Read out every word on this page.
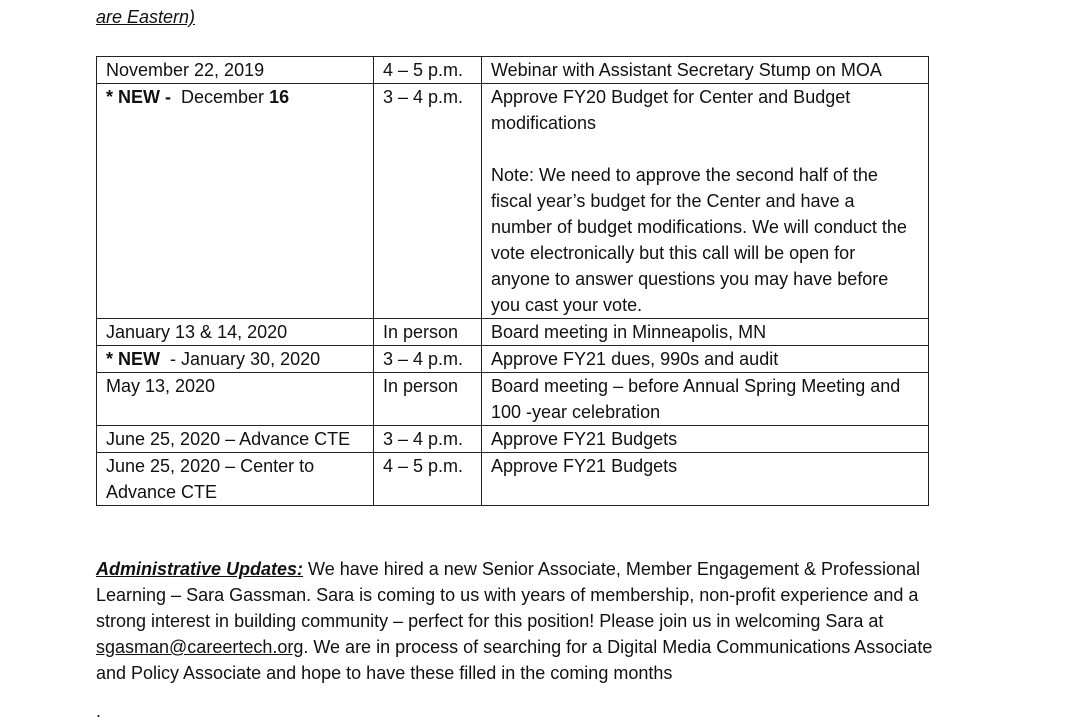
are Eastern)
November 22, 2019	4 – 5 p.m.	Webinar with Assistant Secretary Stump on MOA
* NEW - December 16	3 – 4 p.m.	Approve FY20 Budget for Center and Budget modifications
Note: We need to approve the second half of the fiscal year’s budget for the Center and have a number of budget modifications. We will conduct the vote electronically but this call will be open for anyone to answer questions you may have before you cast your vote.
January 13 & 14, 2020	In person	Board meeting in Minneapolis, MN
* NEW - January 30, 2020	3 – 4 p.m.	Approve FY21 dues, 990s and audit
May 13, 2020	In person	Board meeting – before Annual Spring Meeting and 100 -year celebration
June 25, 2020 – Advance CTE	3 – 4 p.m.	Approve FY21 Budgets
June 25, 2020 – Center to Advance CTE	4 – 5 p.m.	Approve FY21 Budgets

Administrative Updates: We have hired a new Senior Associate, Member Engagement & Professional Learning – Sara Gassman. Sara is coming to us with years of membership, non-profit experience and a strong interest in building community – perfect for this position! Please join us in welcoming Sara at sgasman@careertech.org. We are in process of searching for a Digital Media Communications Associate and Policy Associate and hope to have these filled in the coming months

.
